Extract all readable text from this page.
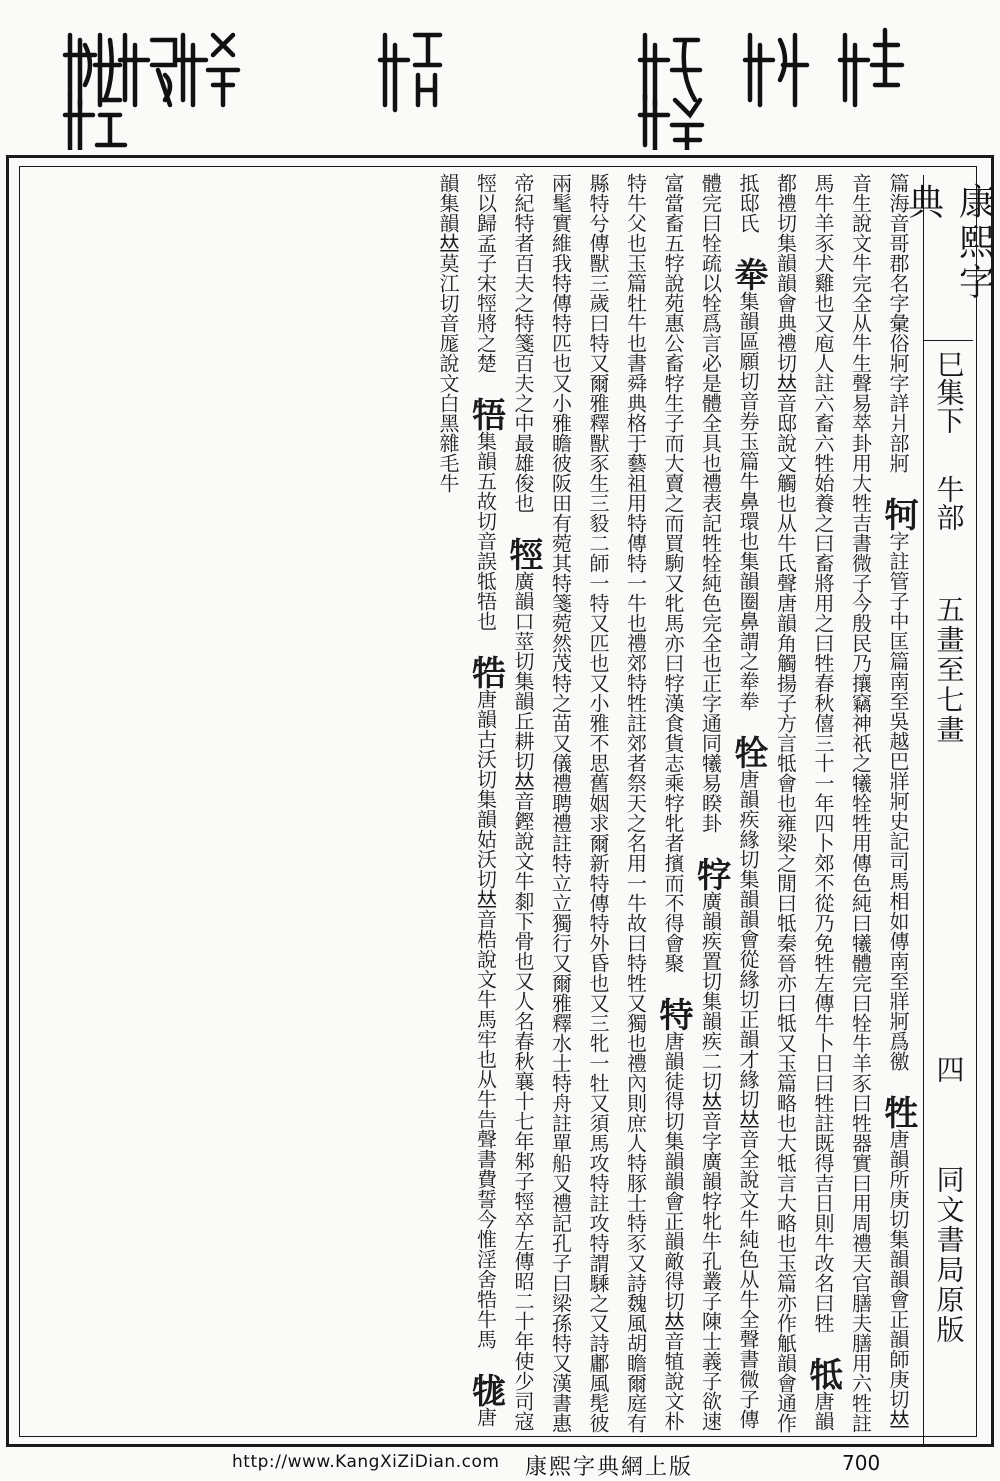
篇海音哥郡名字彙俗牁字詳爿部牁 牱字註管子中匡篇南至吳越巴牂牁史記司馬相如傳南至牂牁爲徼 牲唐韻所庚切集韻韻會正韻師庚切𠀤音生說文牛完全从牛生聲易萃卦用大牲吉書微子今殷民乃攘竊神祇之犧牷牲用傳色純曰犧體完曰牷牛羊豕曰牲器實曰用周禮天官膳夫膳用六牲註馬牛羊豕犬雞也又庖人註六畜六牲始養之曰畜將用之曰牲春秋僖三十一年四卜郊不從乃免牲左傳牛卜日曰牲註既得吉日則牛改名曰牲 牴唐韻都禮切集韻韻會典禮切𠀤音邸說文觸也从牛氐聲唐韻角觸揚子方言牴會也雍梁之閒曰牴秦晉亦曰牴又玉篇略也大牴言大略也玉篇亦作觗韻會通作抵邸氏 牶集韻區願切音券玉篇牛鼻環也集韻圈鼻謂之牶牶 牷唐韻疾緣切集韻韻會從緣切正韻才緣切𠀤音全說文牛純色从牛全聲書微子傳體完曰牷疏以牷爲言必是體全具也禮表記牲牷純色完全也正字通同犧易睽卦 牸廣韻疾置切集韻疾二切𠀤音字廣韻牸牝牛孔叢子陳士義子欲速富當畜五牸說苑惠公畜牸生子而大賣之而買駒又牝馬亦曰牸漢食貨志乘牸牝者擯而不得會聚 特唐韻徒得切集韻韻會正韻敵得切𠀤音犆說文朴特牛父也玉篇牡牛也書舜典格于藝祖用特傳特一牛也禮郊特牲註郊者祭天之名用一牛故曰特牲又獨也禮內則庶人特豚士特豕又詩魏風胡瞻爾庭有縣特兮傳獸三歲曰特又爾雅釋獸豕生三䝘二師一特又匹也又小雅不思舊姻求爾新特傳特外昏也又三牝一牡又須馬攻特註攻特謂騬之又詩鄘風髧彼兩髦實維我特傳特匹也又小雅瞻彼阪田有菀其特箋菀然茂特之苗又儀禮聘禮註特立立獨行又爾雅釋水士特舟註單船又禮記孔子曰梁孫特又漢書惠帝紀特者百夫之特箋百夫之中最雄俊也 牼廣韻口莖切集韻丘耕切𠀤音鏗說文牛厀下骨也又人名春秋襄十七年邾子牼卒左傳昭二十年使少司寇牼以歸孟子宋牼將之楚 牾集韻五故切音誤牴牾也 牿唐韻古沃切集韻姑沃切𠀤音梏說文牛馬牢也从牛告聲書費誓今惟淫舍牿牛馬 牻唐韻集韻𠀤莫江切音厖說文白黑雜毛牛	康熙字典
巳集下
牛部
五畫至七畫
四
同文書局原版
http://www.KangXiZiDian.com 康熙字典網上版	700
